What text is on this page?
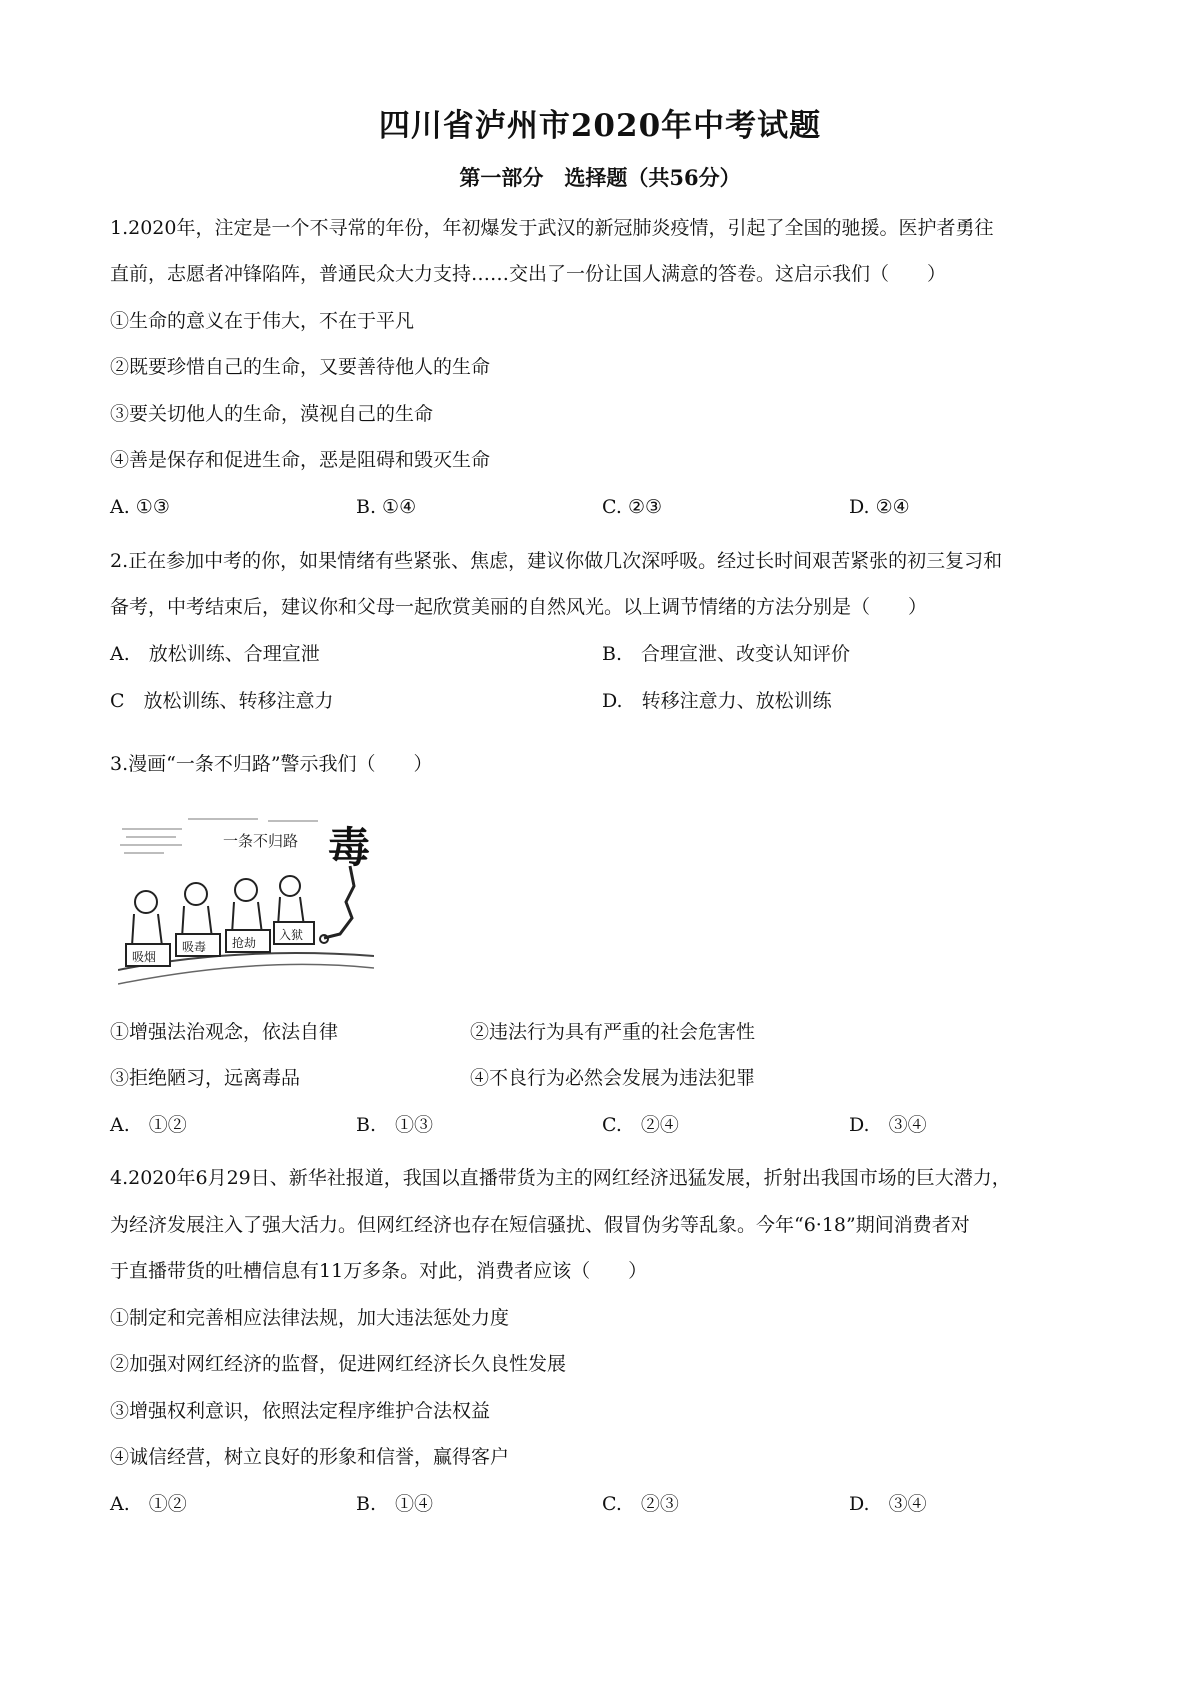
四川省泸州市2020年中考试题
第一部分　选择题（共56分）
1.2020年，注定是一个不寻常的年份，年初爆发于武汉的新冠肺炎疫情，引起了全国的驰援。医护者勇往
直前，志愿者冲锋陷阵，普通民众大力支持……交出了一份让国人满意的答卷。这启示我们（　　）
①生命的意义在于伟大，不在于平凡
②既要珍惜自己的生命，又要善待他人的生命
③要关切他人的生命，漠视自己的生命
④善是保存和促进生命，恶是阻碍和毁灭生命
A. ①③	B. ①④	C. ②③	D. ②④
2.正在参加中考的你，如果情绪有些紧张、焦虑，建议你做几次深呼吸。经过长时间艰苦紧张的初三复习和
备考，中考结束后，建议你和父母一起欣赏美丽的自然风光。以上调节情绪的方法分别是（　　）
A.　放松训练、合理宣泄	B.　合理宣泄、改变认知评价
C　放松训练、转移注意力	D.　转移注意力、放松训练
3.漫画“一条不归路”警示我们（　　）
一条不归路 毒
吸烟
吸毒 抢劫
入狱
①增强法治观念，依法自律	②违法行为具有严重的社会危害性
③拒绝陋习，远离毒品	④不良行为必然会发展为违法犯罪
A.　①②	B.　①③	C.　②④	D.　③④
4.2020年6月29日、新华社报道，我国以直播带货为主的网红经济迅猛发展，折射出我国市场的巨大潜力，
为经济发展注入了强大活力。但网红经济也存在短信骚扰、假冒伪劣等乱象。今年“6·18”期间消费者对
于直播带货的吐槽信息有11万多条。对此，消费者应该（　　）
①制定和完善相应法律法规，加大违法惩处力度
②加强对网红经济的监督，促进网红经济长久良性发展
③增强权利意识，依照法定程序维护合法权益
④诚信经营，树立良好的形象和信誉，赢得客户
A.　①②	B.　①④	C.　②③	D.　③④
